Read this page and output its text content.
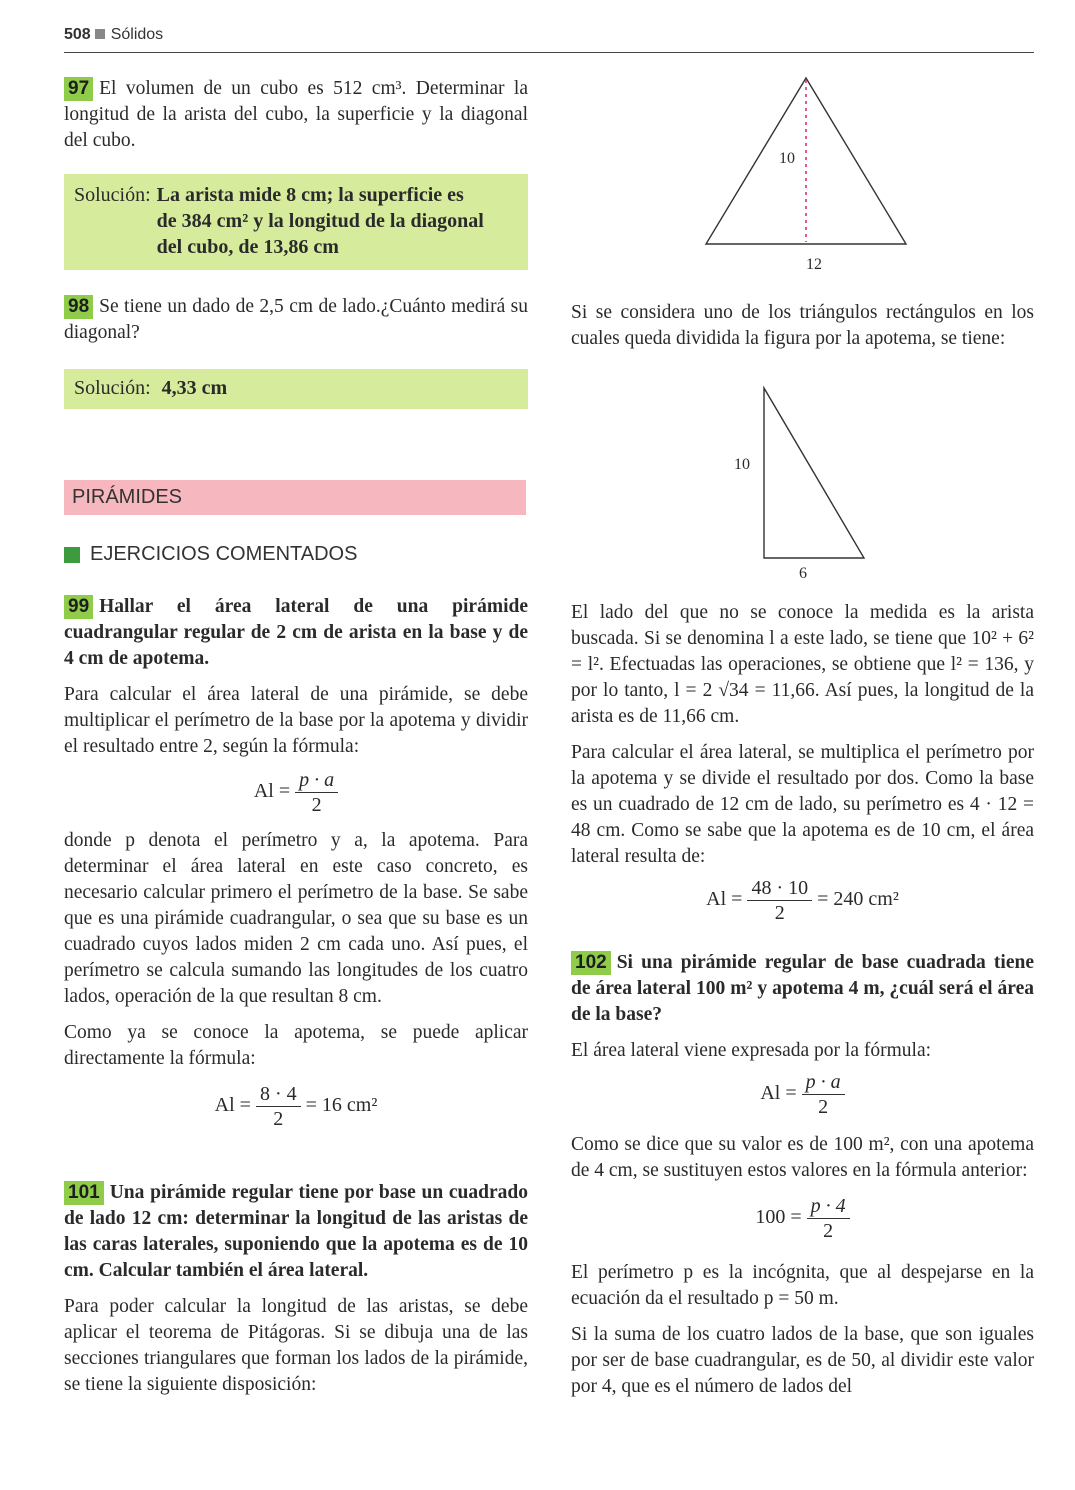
508 Sólidos

97 El volumen de un cubo es 512 cm³. Determinar la longitud de la arista del cubo, la superficie y la diagonal del cubo.

Solución: La arista mide 8 cm; la superficie es
de 384 cm² y la longitud de la diagonal
del cubo, de 13,86 cm

98 Se tiene un dado de 2,5 cm de lado.¿Cuánto medirá su diagonal?

Solución: 4,33 cm
PIRÁMIDES
EJERCICIOS COMENTADOS

99 Hallar el área lateral de una pirámide cuadrangular regular de 2 cm de arista en la base y de 4 cm de apotema.

Para calcular el área lateral de una pirámide, se debe multiplicar el perímetro de la base por la apotema y dividir el resultado entre 2, según la fórmula:

$Al = \frac{p \cdot a}{2}$

donde p denota el perímetro y a, la apotema. Para determinar el área lateral en este caso concreto, es necesario calcular primero el perímetro de la base. Se sabe que es una pirámide cuadrangular, o sea que su base es un cuadrado cuyos lados miden 2 cm cada uno. Así pues, el perímetro se calcula sumando las longitudes de los cuatro lados, operación de la que resultan 8 cm.

Como ya se conoce la apotema, se puede aplicar directamente la fórmula:

$Al = \frac{8 \cdot 4}{2} = 16$ cm²

101 Una pirámide regular tiene por base un cuadrado de lado 12 cm: determinar la longitud de las aristas de las caras laterales, suponiendo que la apotema es de 10 cm. Calcular también el área lateral.

Para poder calcular la longitud de las aristas, se debe aplicar el teorema de Pitágoras. Si se dibuja una de las secciones triangulares que forman los lados de la pirámide, se tiene la siguiente disposición:

10
12

Si se considera uno de los triángulos rectángulos en los cuales queda dividida la figura por la apotema, se tiene:

10
6

El lado del que no se conoce la medida es la arista buscada. Si se denomina l a este lado, se tiene que 10² + 6² = l². Efectuadas las operaciones, se obtiene que l² = 136, y por lo tanto, l = 2 √34 = 11,66. Así pues, la longitud de la arista es de 11,66 cm.

Para calcular el área lateral, se multiplica el perímetro por la apotema y se divide el resultado por dos. Como la base es un cuadrado de 12 cm de lado, su perímetro es 4 · 12 = 48 cm. Como se sabe que la apotema es de 10 cm, el área lateral resulta de:

$Al = \frac{48 \cdot 10}{2} = 240$ cm²

102 Si una pirámide regular de base cuadrada tiene de área lateral 100 m² y apotema 4 m, ¿cuál será el área de la base?

El área lateral viene expresada por la fórmula:

$Al = \frac{p \cdot a}{2}$

Como se dice que su valor es de 100 m², con una apotema de 4 cm, se sustituyen estos valores en la fórmula anterior:

$100 = \frac{p \cdot 4}{2}$

El perímetro p es la incógnita, que al despejarse en la ecuación da el resultado p = 50 m.

Si la suma de los cuatro lados de la base, que son iguales por ser de base cuadrangular, es de 50, al dividir este valor por 4, que es el número de lados del
